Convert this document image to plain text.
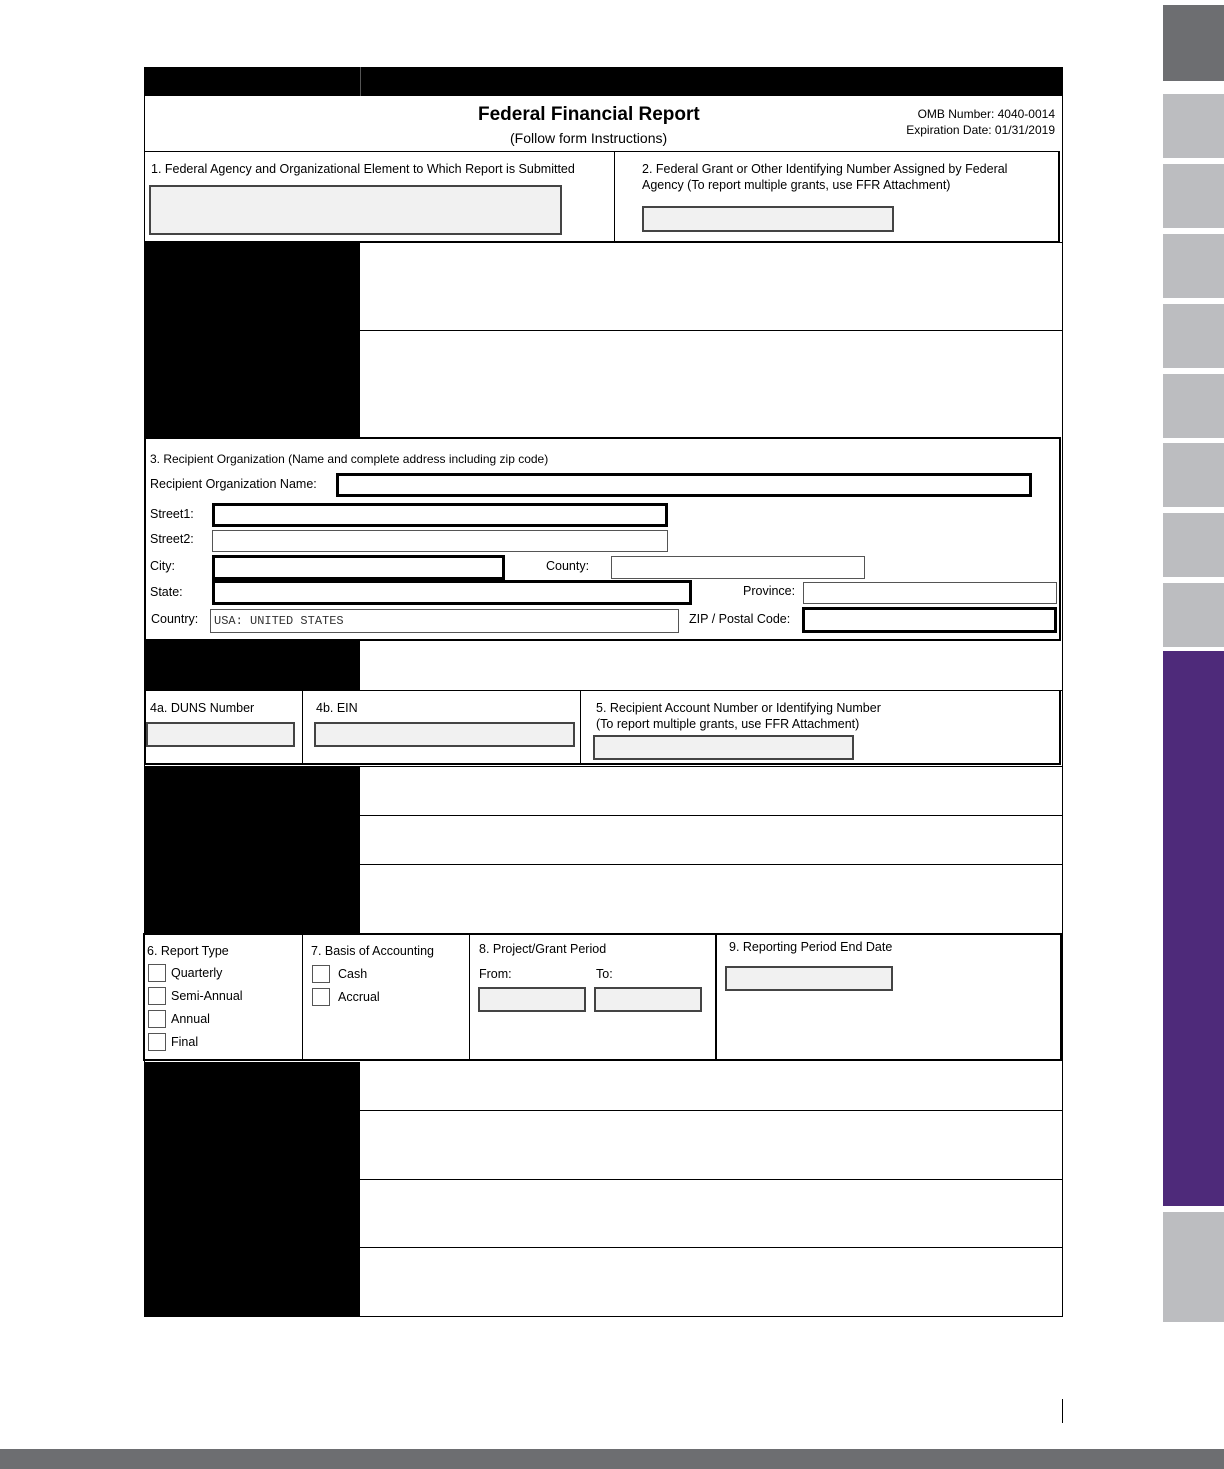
Federal Financial Report
(Follow form Instructions)
OMB Number: 4040-0014
Expiration Date: 01/31/2019
1. Federal Agency and Organizational Element to Which Report is Submitted	2. Federal Grant or Other Identifying Number Assigned by Federal
Agency (To report multiple grants, use FFR Attachment)
3. Recipient Organization (Name and complete address including zip code)
Recipient Organization Name:
Street1:
Street2:
City:	County:
State:	Province:
Country:	USA: UNITED STATES	ZIP / Postal Code:
4a. DUNS Number	4b. EIN	5. Recipient Account Number or Identifying Number
(To report multiple grants, use FFR Attachment)
6. Report Type
Quarterly
Semi-Annual
Annual
Final
7. Basis of Accounting
Cash
Accrual
8. Project/Grant Period
From:	To:
9. Reporting Period End Date
